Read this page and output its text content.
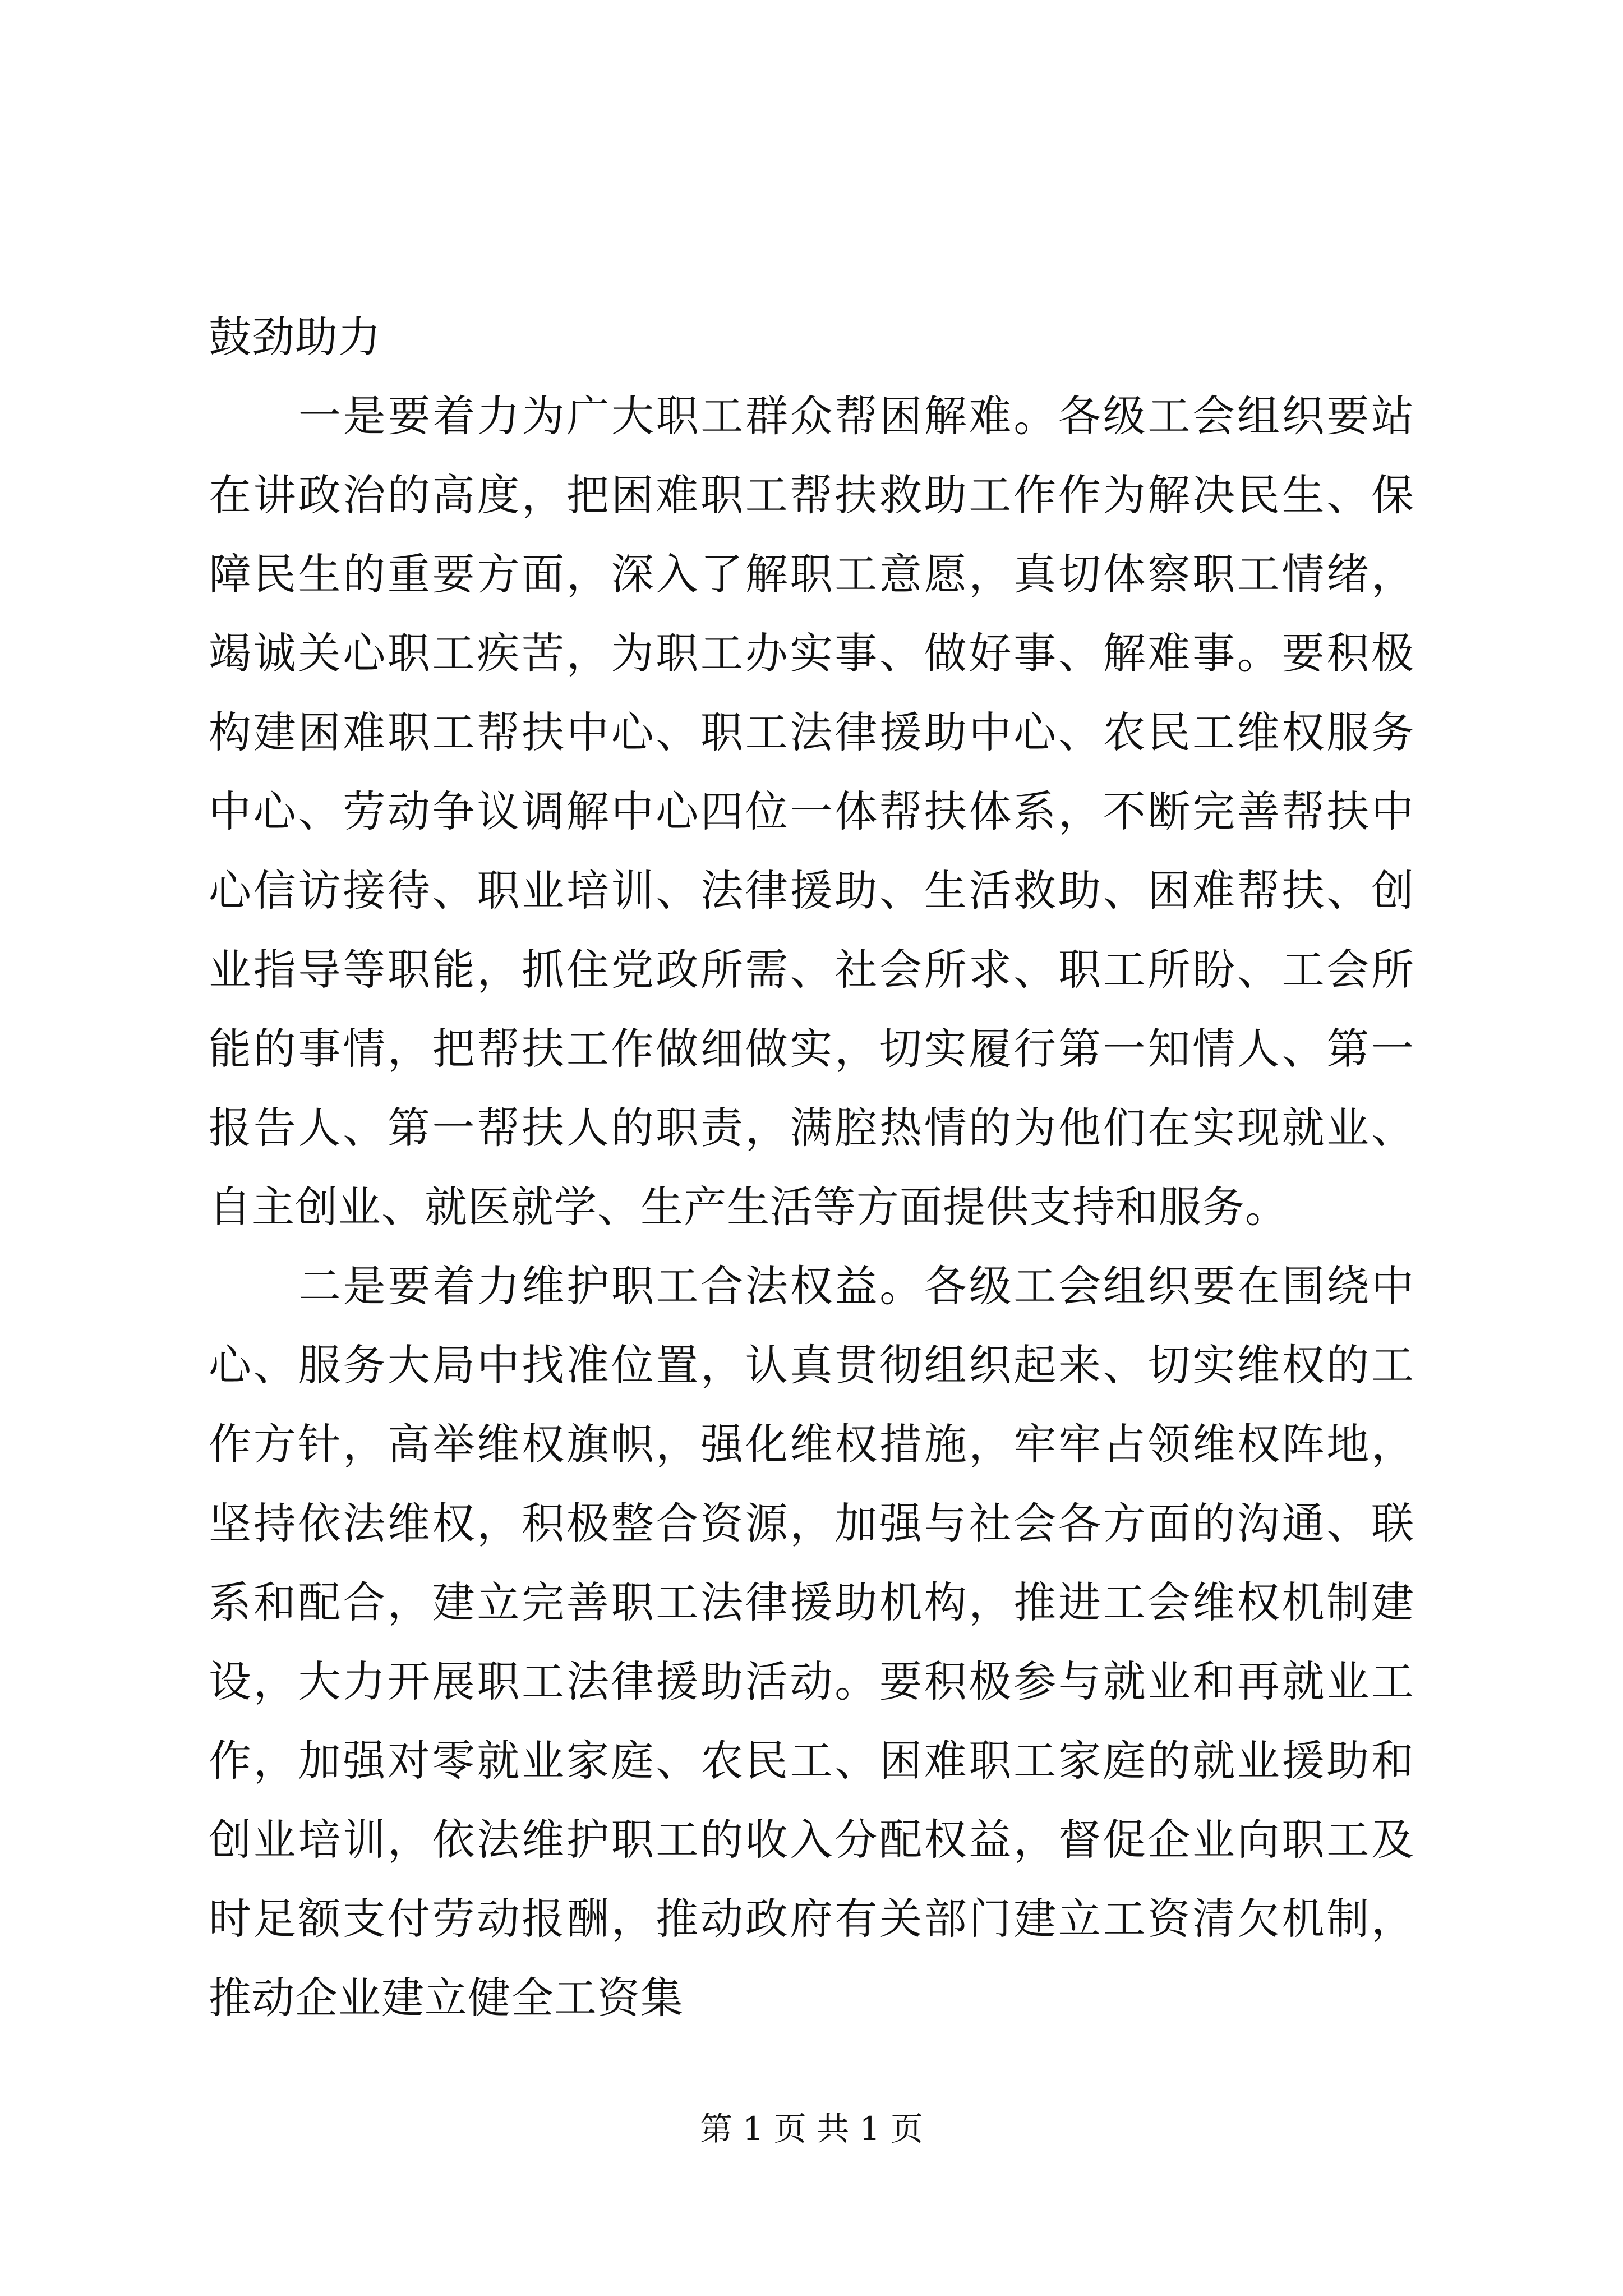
鼓劲助力

一是要着力为广大职工群众帮困解难。各级工会组织要站在讲政治的高度，把困难职工帮扶救助工作作为解决民生、保障民生的重要方面，深入了解职工意愿，真切体察职工情绪，竭诚关心职工疾苦，为职工办实事、做好事、解难事。要积极构建困难职工帮扶中心、职工法律援助中心、农民工维权服务中心、劳动争议调解中心四位一体帮扶体系，不断完善帮扶中心信访接待、职业培训、法律援助、生活救助、困难帮扶、创业指导等职能，抓住党政所需、社会所求、职工所盼、工会所能的事情，把帮扶工作做细做实，切实履行第一知情人、第一报告人、第一帮扶人的职责，满腔热情的为他们在实现就业、自主创业、就医就学、生产生活等方面提供支持和服务。

二是要着力维护职工合法权益。各级工会组织要在围绕中心、服务大局中找准位置，认真贯彻组织起来、切实维权的工作方针，高举维权旗帜，强化维权措施，牢牢占领维权阵地，坚持依法维权，积极整合资源，加强与社会各方面的沟通、联系和配合，建立完善职工法律援助机构，推进工会维权机制建设，大力开展职工法律援助活动。要积极参与就业和再就业工作，加强对零就业家庭、农民工、困难职工家庭的就业援助和创业培训，依法维护职工的收入分配权益，督促企业向职工及时足额支付劳动报酬，推动政府有关部门建立工资清欠机制，推动企业建立健全工资集

第 1 页 共 1 页
